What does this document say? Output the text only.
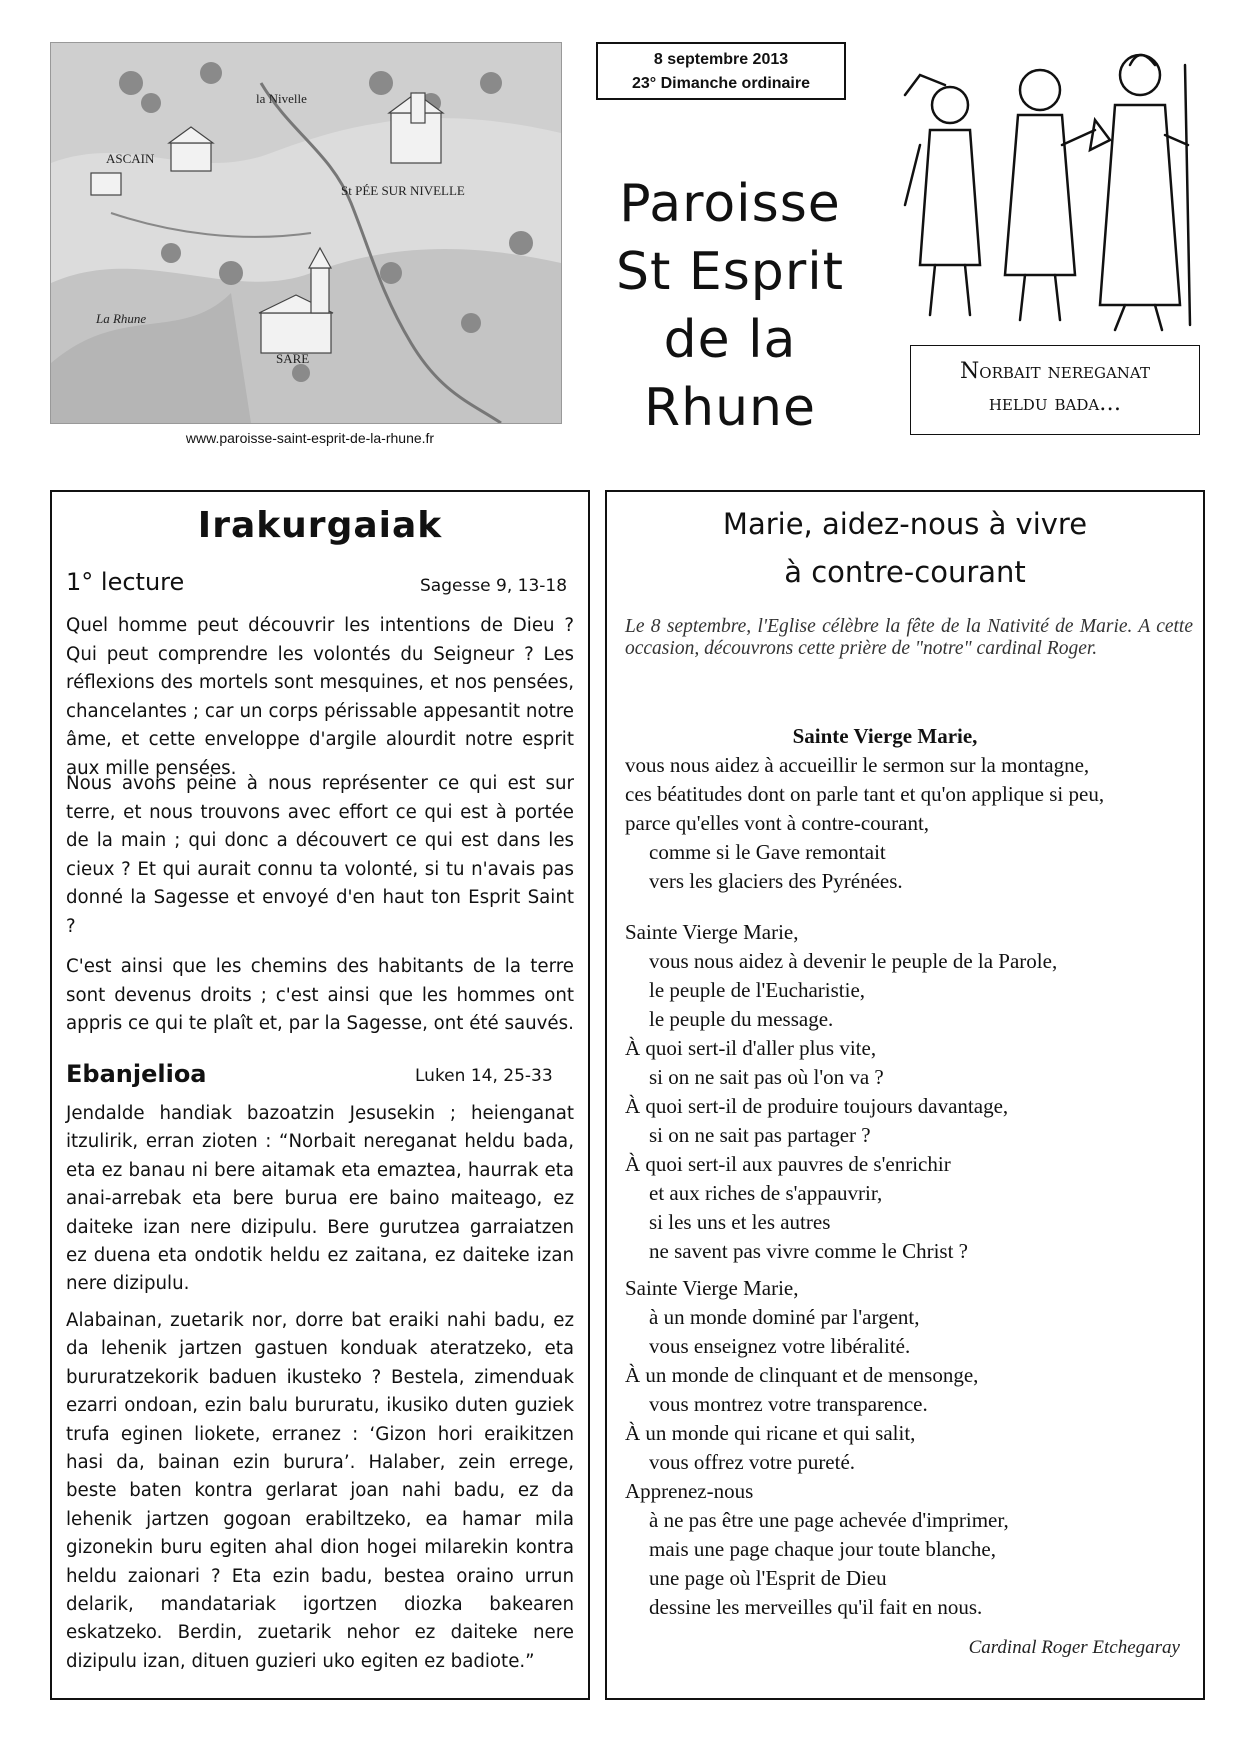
la Nivelle
ASCAIN
St PÉE SUR NIVELLE
La Rhune
SARE
www.paroisse-saint-esprit-de-la-rhune.fr
8 septembre 2013
23° Dimanche ordinaire
Paroisse
St Esprit
de la Rhune
Norbait nereganat
heldu bada…
Irakurgaiak
1° lecture	Sagesse 9, 13-18
Quel homme peut découvrir les intentions de Dieu ? Qui peut comprendre les volontés du Seigneur ? Les réflexions des mortels sont mesquines, et nos pensées, chancelantes ; car un corps périssable appesantit notre âme, et cette enveloppe d'argile alourdit notre esprit aux mille pensées.
Nous avons peine à nous représenter ce qui est sur terre, et nous trouvons avec effort ce qui est à portée de la main ; qui donc a découvert ce qui est dans les cieux ? Et qui aurait connu ta volonté, si tu n'avais pas donné la Sagesse et envoyé d'en haut ton Esprit Saint ?
C'est ainsi que les chemins des habitants de la terre sont devenus droits ; c'est ainsi que les hommes ont appris ce qui te plaît et, par la Sagesse, ont été sauvés.
Ebanjelioa	Luken 14, 25-33
Jendalde handiak bazoatzin Jesusekin ; heienganat itzulirik, erran zioten : “Norbait nereganat heldu bada, eta ez banau ni bere aitamak eta emaztea, haurrak eta anai-arrebak eta bere burua ere baino maiteago, ez daiteke izan nere dizipulu. Bere gurutzea garraiatzen ez duena eta ondotik heldu ez zaitana, ez daiteke izan nere dizipulu.
Alabainan, zuetarik nor, dorre bat eraiki nahi badu, ez da lehenik jartzen gastuen konduak ateratzeko, eta bururatzekorik baduen ikusteko ? Bestela, zimenduak ezarri ondoan, ezin balu bururatu, ikusiko duten guziek trufa eginen liokete, erranez : ‘Gizon hori eraikitzen hasi da, bainan ezin burura’. Halaber, zein errege, beste baten kontra gerlarat joan nahi badu, ez da lehenik jartzen gogoan erabiltzeko, ea hamar mila gizonekin buru egiten ahal dion hogei milarekin kontra heldu zaionari ? Eta ezin badu, bestea oraino urrun delarik, mandatariak igortzen diozka bakearen eskatzeko. Berdin, zuetarik nehor ez daiteke nere dizipulu izan, dituen guzieri uko egiten ez badiote.”
Marie, aidez-nous à vivre
à contre-courant
Le 8 septembre, l'Eglise célèbre la fête de la Nativité de Marie. A cette occasion, découvrons cette prière de "notre" cardinal Roger.
Sainte Vierge Marie,
vous nous aidez à accueillir le sermon sur la montagne,
ces béatitudes dont on parle tant et qu'on applique si peu,
parce qu'elles vont à contre-courant,
comme si le Gave remontait
vers les glaciers des Pyrénées.
Sainte Vierge Marie,
vous nous aidez à devenir le peuple de la Parole,
le peuple de l'Eucharistie,
le peuple du message.
À quoi sert-il d'aller plus vite,
si on ne sait pas où l'on va ?
À quoi sert-il de produire toujours davantage,
si on ne sait pas partager ?
À quoi sert-il aux pauvres de s'enrichir
et aux riches de s'appauvrir,
si les uns et les autres
ne savent pas vivre comme le Christ ?
Sainte Vierge Marie,
à un monde dominé par l'argent,
vous enseignez votre libéralité.
À un monde de clinquant et de mensonge,
vous montrez votre transparence.
À un monde qui ricane et qui salit,
vous offrez votre pureté.
Apprenez-nous
à ne pas être une page achevée d'imprimer,
mais une page chaque jour toute blanche,
une page où l'Esprit de Dieu
dessine les merveilles qu'il fait en nous.
Cardinal Roger Etchegaray
